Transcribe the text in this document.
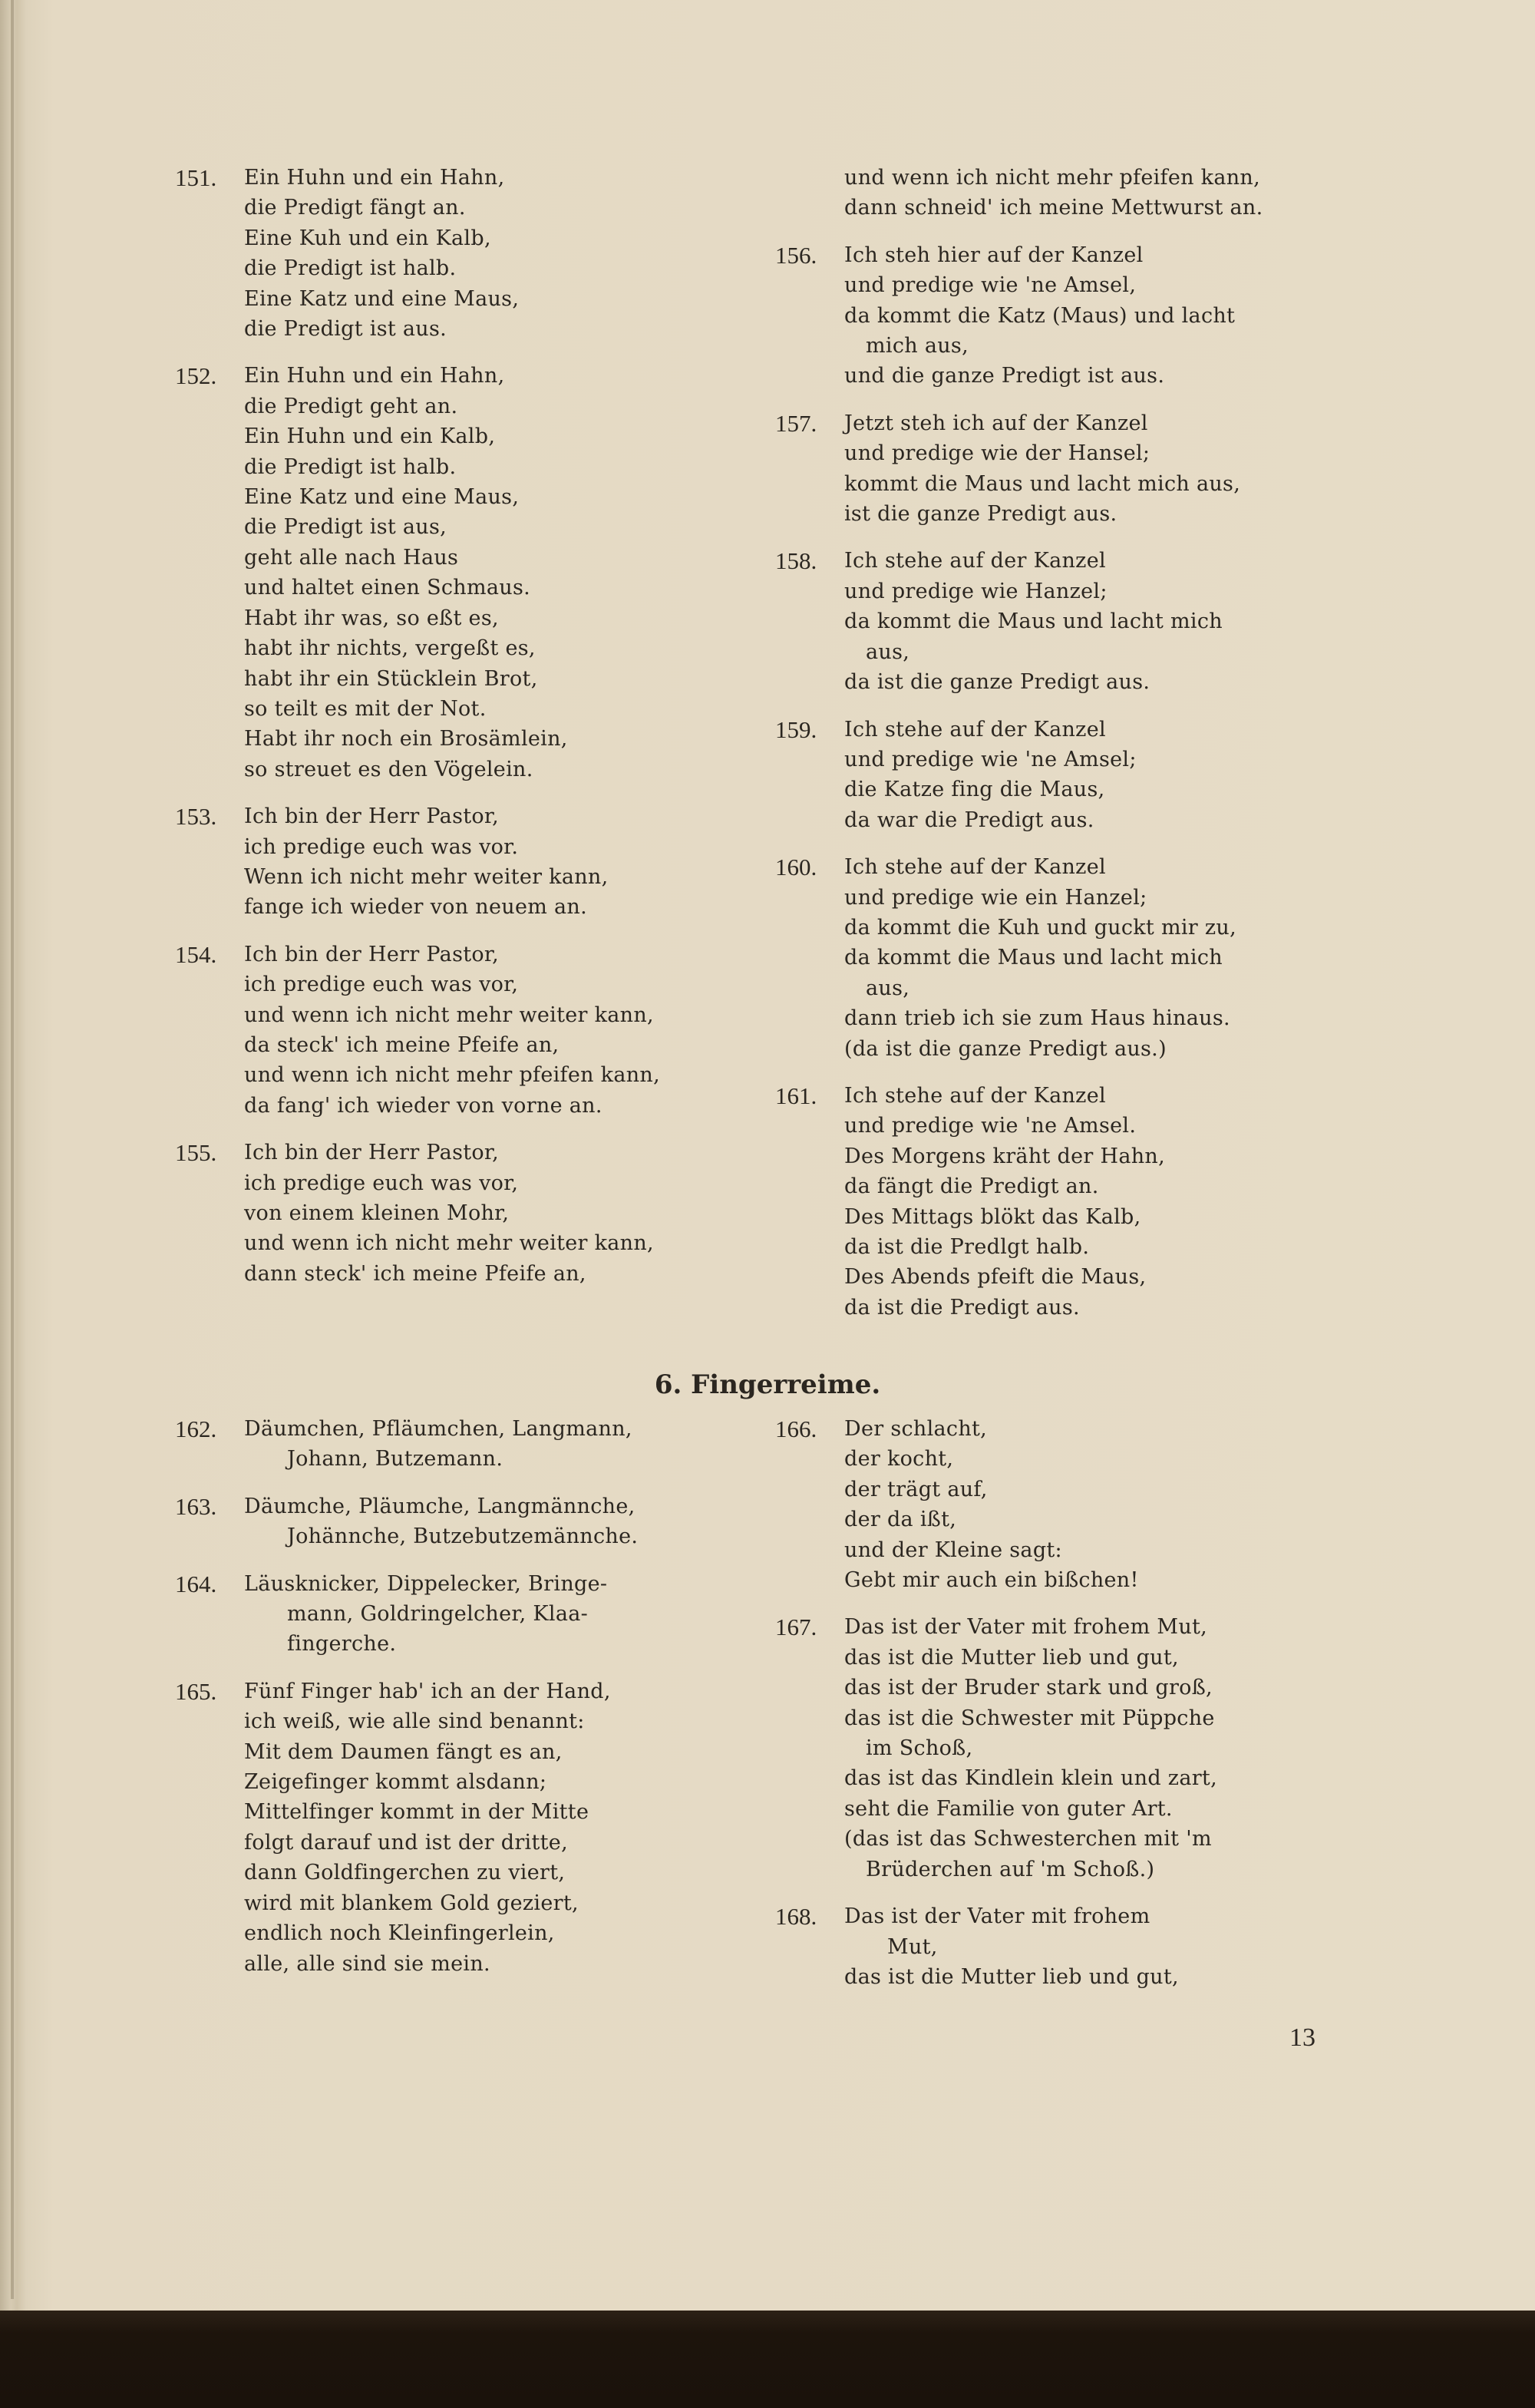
151.	Ein Huhn und ein Hahn,
die Predigt fängt an.
Eine Kuh und ein Kalb,
die Predigt ist halb.
Eine Katz und eine Maus,
die Predigt ist aus.
152.	Ein Huhn und ein Hahn,
die Predigt geht an.
Ein Huhn und ein Kalb,
die Predigt ist halb.
Eine Katz und eine Maus,
die Predigt ist aus,
geht alle nach Haus
und haltet einen Schmaus.
Habt ihr was, so eßt es,
habt ihr nichts, vergeßt es,
habt ihr ein Stücklein Brot,
so teilt es mit der Not.
Habt ihr noch ein Brosämlein,
so streuet es den Vögelein.
153.	Ich bin der Herr Pastor,
ich predige euch was vor.
Wenn ich nicht mehr weiter kann,
fange ich wieder von neuem an.
154.	Ich bin der Herr Pastor,
ich predige euch was vor,
und wenn ich nicht mehr weiter kann,
da steck' ich meine Pfeife an,
und wenn ich nicht mehr pfeifen kann,
da fang' ich wieder von vorne an.
155.	Ich bin der Herr Pastor,
ich predige euch was vor,
von einem kleinen Mohr,
und wenn ich nicht mehr weiter kann,
dann steck' ich meine Pfeife an,
und wenn ich nicht mehr pfeifen kann,
dann schneid' ich meine Mettwurst an.
156.	Ich steh hier auf der Kanzel
und predige wie 'ne Amsel,
da kommt die Katz (Maus) und lacht
mich aus,
und die ganze Predigt ist aus.
157.	Jetzt steh ich auf der Kanzel
und predige wie der Hansel;
kommt die Maus und lacht mich aus,
ist die ganze Predigt aus.
158.	Ich stehe auf der Kanzel
und predige wie Hanzel;
da kommt die Maus und lacht mich
aus,
da ist die ganze Predigt aus.
159.	Ich stehe auf der Kanzel
und predige wie 'ne Amsel;
die Katze fing die Maus,
da war die Predigt aus.
160.	Ich stehe auf der Kanzel
und predige wie ein Hanzel;
da kommt die Kuh und guckt mir zu,
da kommt die Maus und lacht mich
aus,
dann trieb ich sie zum Haus hinaus.
(da ist die ganze Predigt aus.)
161.	Ich stehe auf der Kanzel
und predige wie 'ne Amsel.
Des Morgens kräht der Hahn,
da fängt die Predigt an.
Des Mittags blökt das Kalb,
da ist die Predlgt halb.
Des Abends pfeift die Maus,
da ist die Predigt aus.
6. Fingerreime.
162.	Däumchen, Pfläumchen, Langmann,
Johann, Butzemann.
163.	Däumche, Pläumche, Langmännche,
Johännche, Butzebutzemännche.
164.	Läusknicker, Dippelecker, Bringe-
mann, Goldringelcher, Klaa-
fingerche.
165.	Fünf Finger hab' ich an der Hand,
ich weiß, wie alle sind benannt:
Mit dem Daumen fängt es an,
Zeigefinger kommt alsdann;
Mittelfinger kommt in der Mitte
folgt darauf und ist der dritte,
dann Goldfingerchen zu viert,
wird mit blankem Gold geziert,
endlich noch Kleinfingerlein,
alle, alle sind sie mein.
166.	Der schlacht,
der kocht,
der trägt auf,
der da ißt,
und der Kleine sagt:
Gebt mir auch ein bißchen!
167.	Das ist der Vater mit frohem Mut,
das ist die Mutter lieb und gut,
das ist der Bruder stark und groß,
das ist die Schwester mit Püppche
im Schoß,
das ist das Kindlein klein und zart,
seht die Familie von guter Art.
(das ist das Schwesterchen mit 'm
Brüderchen auf 'm Schoß.)
168.	Das ist der Vater mit frohem
Mut,
das ist die Mutter lieb und gut,
13
